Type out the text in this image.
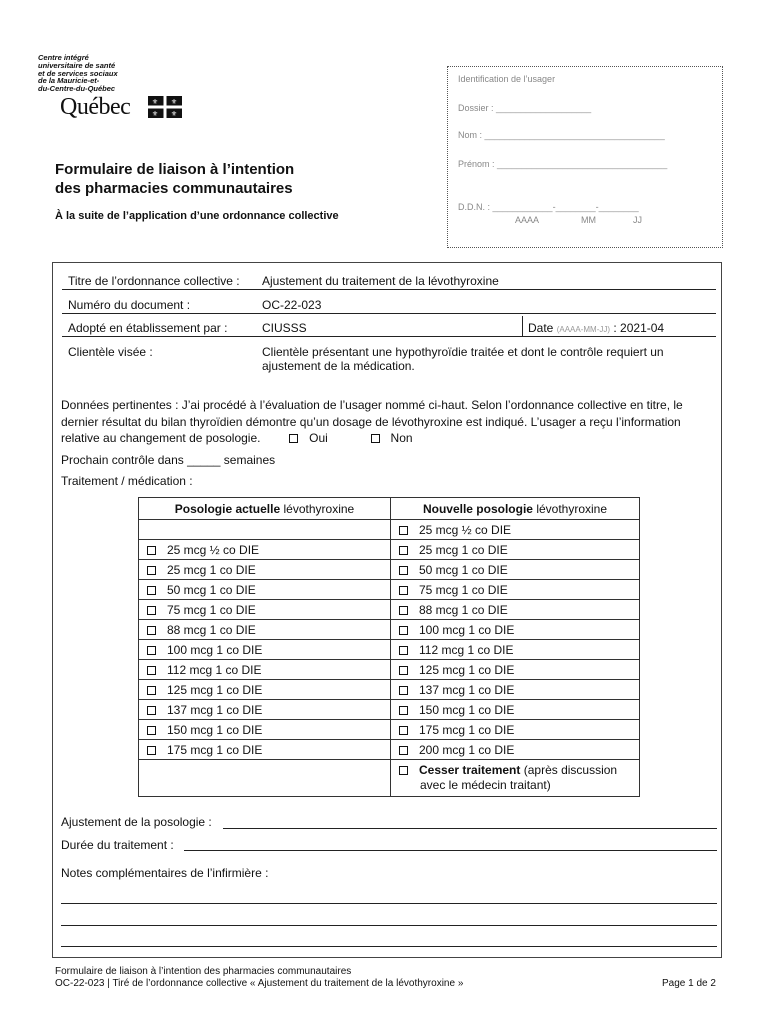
Centre intégré
universitaire de santé
et de services sociaux
de la Mauricie-et-
du-Centre-du-Québec
Québec	⚜ ⚜
⚜ ⚜
Formulaire de liaison à l’intention
des pharmacies communautaires
À la suite de l’application d’une ordonnance collective
Identification de l’usager
Dossier : ___________________
Nom : ____________________________________
Prénom : __________________________________
D.D.N. : ____________-________-________
AAAA	MM	JJ
Titre de l’ordonnance collective : Ajustement du traitement de la lévothyroxine
Numéro du document :	OC-22-023
Adopté en établissement par :	CIUSSS	Date (AAAA-MM-JJ) : 2021-04
Clientèle visée :	Clientèle présentant une hypothyroïdie traitée et dont le contrôle requiert un
ajustement de la médication.
Données pertinentes : J’ai procédé à l’évaluation de l’usager nommé ci-haut. Selon l’ordonnance collective en titre, le
dernier résultat du bilan thyroïdien démontre qu’un dosage de lévothyroxine est indiqué. L’usager a reçu l’information
relative au changement de posologie.	Oui	Non
Prochain contrôle dans _____ semaines
Traitement / médication :
Posologie actuelle lévothyroxine	Nouvelle posologie lévothyroxine
	25 mcg ½ co DIE
25 mcg ½ co DIE	25 mcg 1 co DIE
25 mcg 1 co DIE	50 mcg 1 co DIE
50 mcg 1 co DIE	75 mcg 1 co DIE
75 mcg 1 co DIE	88 mcg 1 co DIE
88 mcg 1 co DIE	100 mcg 1 co DIE
100 mcg 1 co DIE	112 mcg 1 co DIE
112 mcg 1 co DIE	125 mcg 1 co DIE
125 mcg 1 co DIE	137 mcg 1 co DIE
137 mcg 1 co DIE	150 mcg 1 co DIE
150 mcg 1 co DIE	175 mcg 1 co DIE
175 mcg 1 co DIE	200 mcg 1 co DIE
	Cesser traitement (après discussion
avec le médecin traitant)
Ajustement de la posologie :
Durée du traitement :
Notes complémentaires de l’infirmière :
Formulaire de liaison à l’intention des pharmacies communautaires
OC-22-023 | Tiré de l’ordonnance collective « Ajustement du traitement de la lévothyroxine »	Page 1 de 2
